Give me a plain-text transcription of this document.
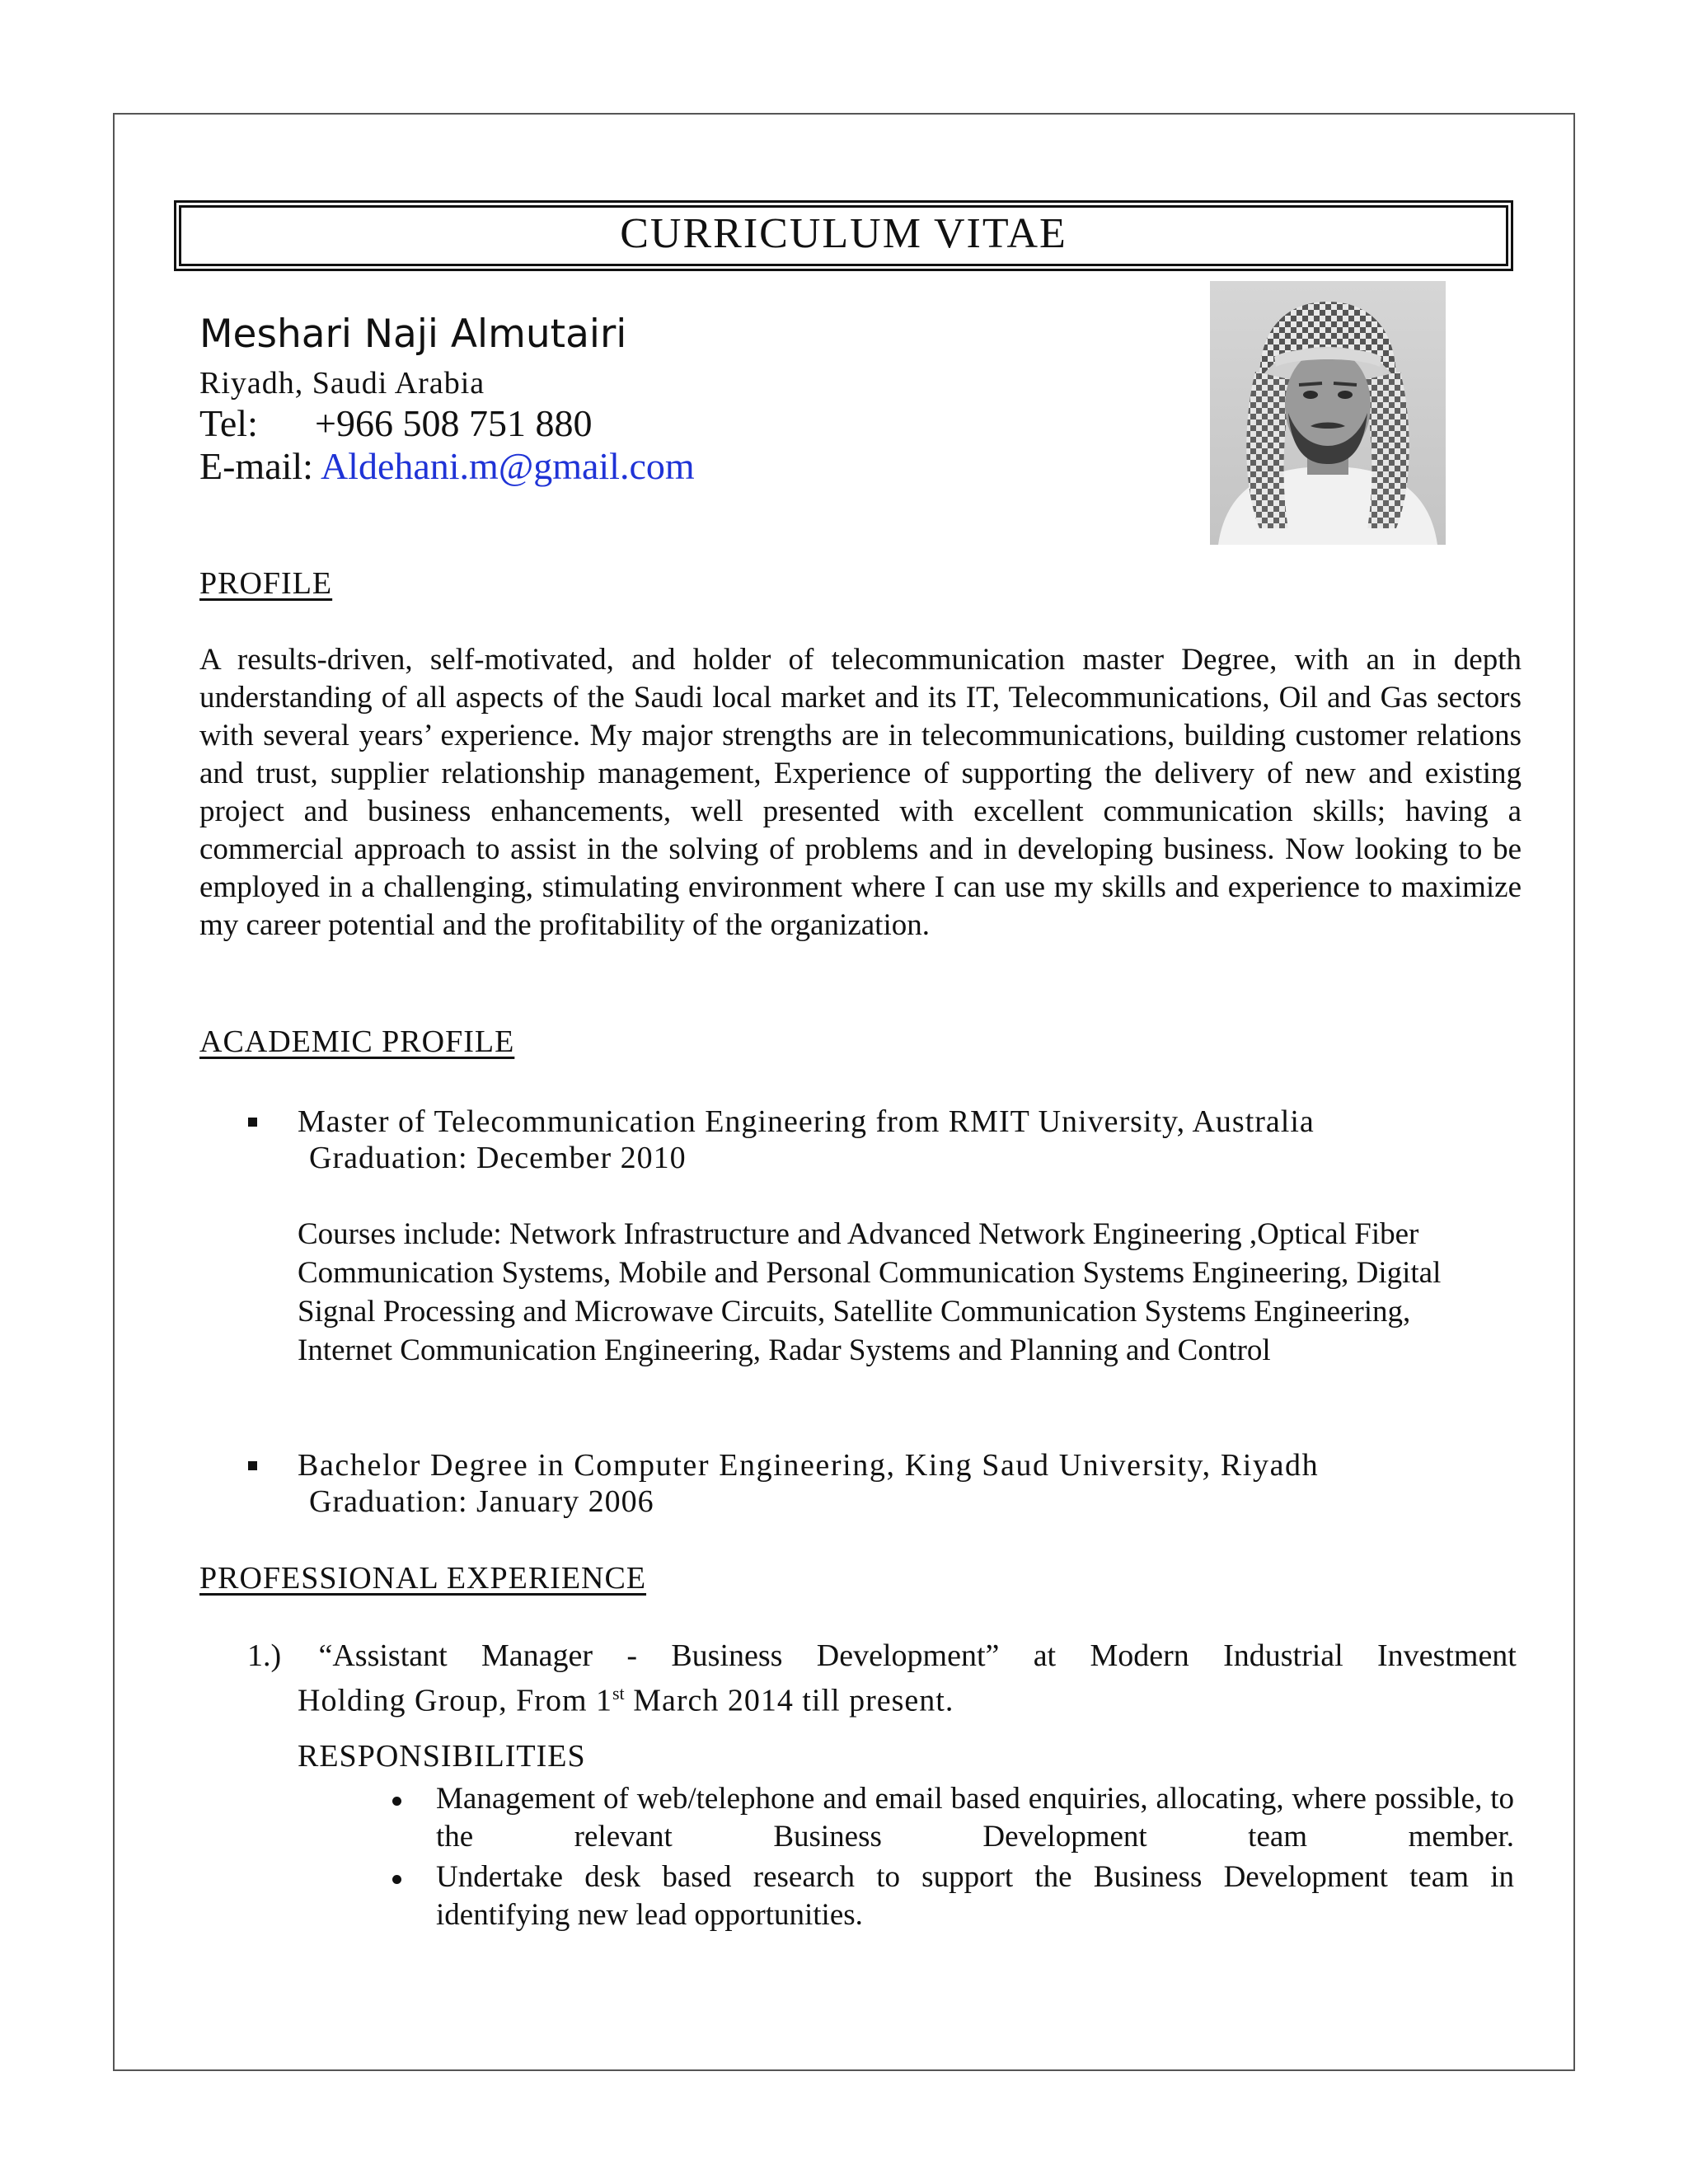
CURRICULUM VITAE
Meshari Naji Almutairi
Riyadh, Saudi Arabia
Tel: +966 508 751 880
E-mail: Aldehani.m@gmail.com
PROFILE
A results-driven, self-motivated, and holder of telecommunication master Degree, with an in depth understanding of all aspects of the Saudi local market and its IT, Telecommunications, Oil and Gas sectors with several years’ experience. My major strengths are in telecommunications, building customer relations and trust, supplier relationship management, Experience of supporting the delivery of new and existing project and business enhancements, well presented with excellent communication skills; having a commercial approach to assist in the solving of problems and in developing business. Now looking to be employed in a challenging, stimulating environment where I can use my skills and experience to maximize my career potential and the profitability of the organization.
ACADEMIC PROFILE
Master of Telecommunication Engineering from RMIT University, Australia
Graduation: December 2010
Courses include: Network Infrastructure and Advanced Network Engineering ,Optical Fiber Communication Systems, Mobile and Personal Communication Systems Engineering, Digital Signal Processing and Microwave Circuits, Satellite Communication Systems Engineering, Internet Communication Engineering, Radar Systems and Planning and Control
Bachelor Degree in Computer Engineering, King Saud University, Riyadh
Graduation: January 2006
PROFESSIONAL EXPERIENCE
1.) “Assistant Manager - Business Development” at Modern Industrial Investment
Holding Group, From 1st March 2014 till present.
RESPONSIBILITIES
Management of web/telephone and email based enquiries, allocating, where possible, to the relevant Business Development team member.
Undertake desk based research to support the Business Development team in identifying new lead opportunities.
